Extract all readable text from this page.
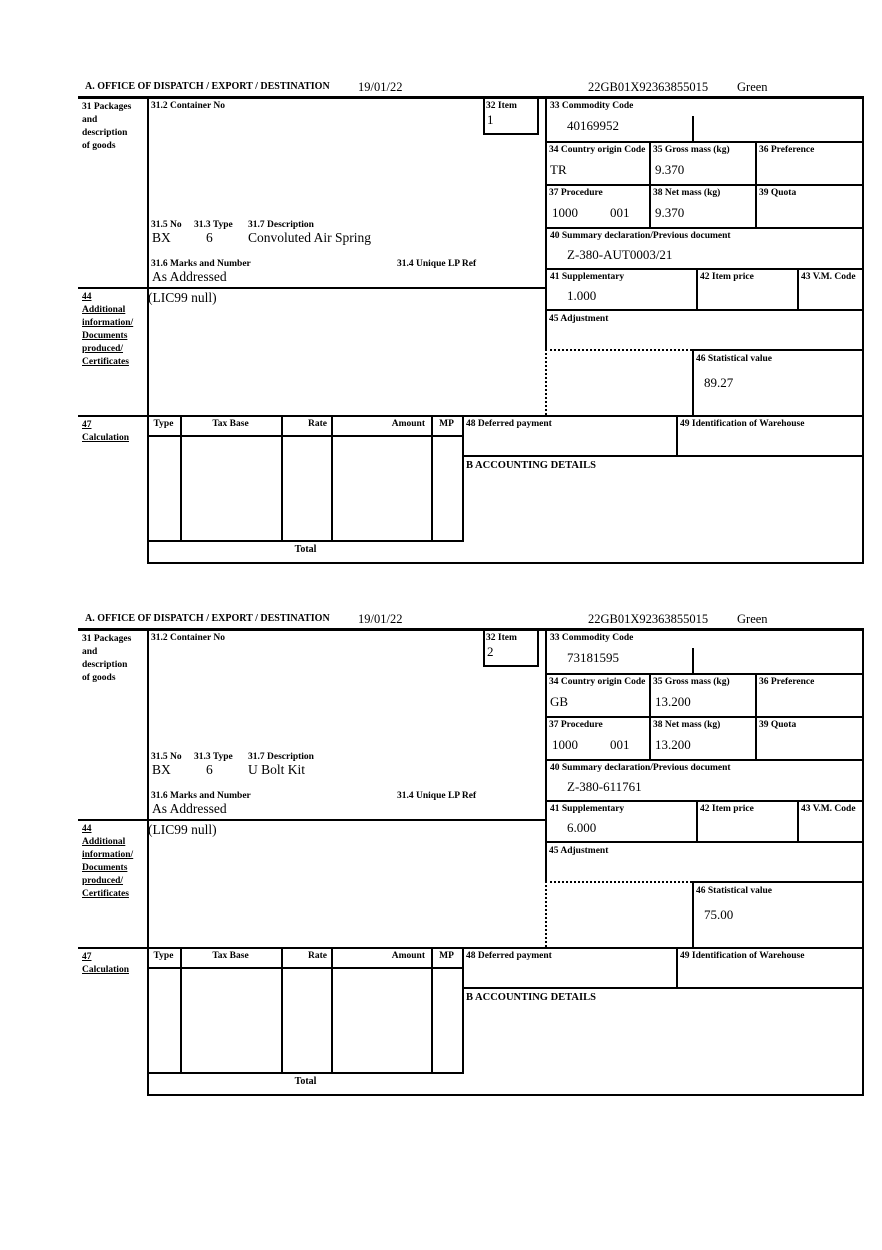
A. OFFICE OF DISPATCH / EXPORT / DESTINATION 19/01/22	22GB01X92363855015 Green
31 Packages
and
description
of goods
44
Additional
information/
Documents
produced/
Certificates
47
Calculation
31.2 Container No	32 Item
1
31.5 No 31.3 Type 31.7 Description
BX	6	Convoluted Air Spring
31.6 Marks and Number	31.4 Unique LP Ref
As Addressed
(LIC99 null)
33 Commodity Code
40169952
34 Country origin Code
TR
35 Gross mass (kg)
9.370
36 Preference
37 Procedure
1000 001
38 Net mass (kg)
9.370
39 Quota
40 Summary declaration/Previous document
Z-380-AUT0003/21
41 Supplementary
1.000
42 Item price	43 V.M. Code
45 Adjustment
46 Statistical value
89.27
Type	Tax Base	Rate	Amount	MP	48 Deferred payment	49 Identification of Warehouse
B ACCOUNTING DETAILS
Total
A. OFFICE OF DISPATCH / EXPORT / DESTINATION 19/01/22	22GB01X92363855015 Green
31 Packages
and
description
of goods
44
Additional
information/
Documents
produced/
Certificates
47
Calculation
31.2 Container No	32 Item
2
31.5 No 31.3 Type 31.7 Description
BX	6	U Bolt Kit
31.6 Marks and Number	31.4 Unique LP Ref
As Addressed
(LIC99 null)
33 Commodity Code
73181595
34 Country origin Code
GB
35 Gross mass (kg)
13.200
36 Preference
37 Procedure
1000 001
38 Net mass (kg)
13.200
39 Quota
40 Summary declaration/Previous document
Z-380-611761
41 Supplementary
6.000
42 Item price	43 V.M. Code
45 Adjustment
46 Statistical value
75.00
Type	Tax Base	Rate	Amount	MP	48 Deferred payment	49 Identification of Warehouse
B ACCOUNTING DETAILS
Total
